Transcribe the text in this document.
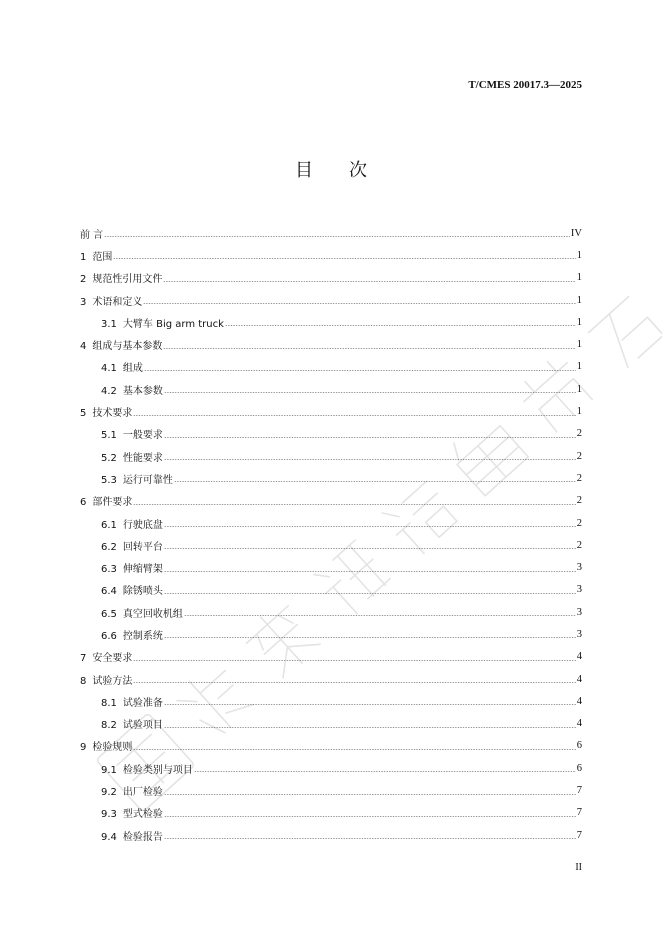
T/CMES 20017.3—2025
目次
前 言	IV
1 范围	1
2 规范性引用文件	1
3 术语和定义	1
3.1 大臂车 Big arm truck	1
4 组成与基本参数	1
4.1 组成	1
4.2 基本参数	1
5 技术要求	1
5.1 一般要求	2
5.2 性能要求	2
5.3 运行可靠性	2
6 部件要求	2
6.1 行驶底盘	2
6.2 回转平台	2
6.3 伸缩臂架	3
6.4 除锈喷头	3
6.5 真空回收机组	3
6.6 控制系统	3
7 安全要求	4
8 试验方法	4
8.1 试验准备	4
8.2 试验项目	4
9 检验规则	6
9.1 检验类别与项目	6
9.2 出厂检验	7
9.3 型式检验	7
9.4 检验报告	7
II
